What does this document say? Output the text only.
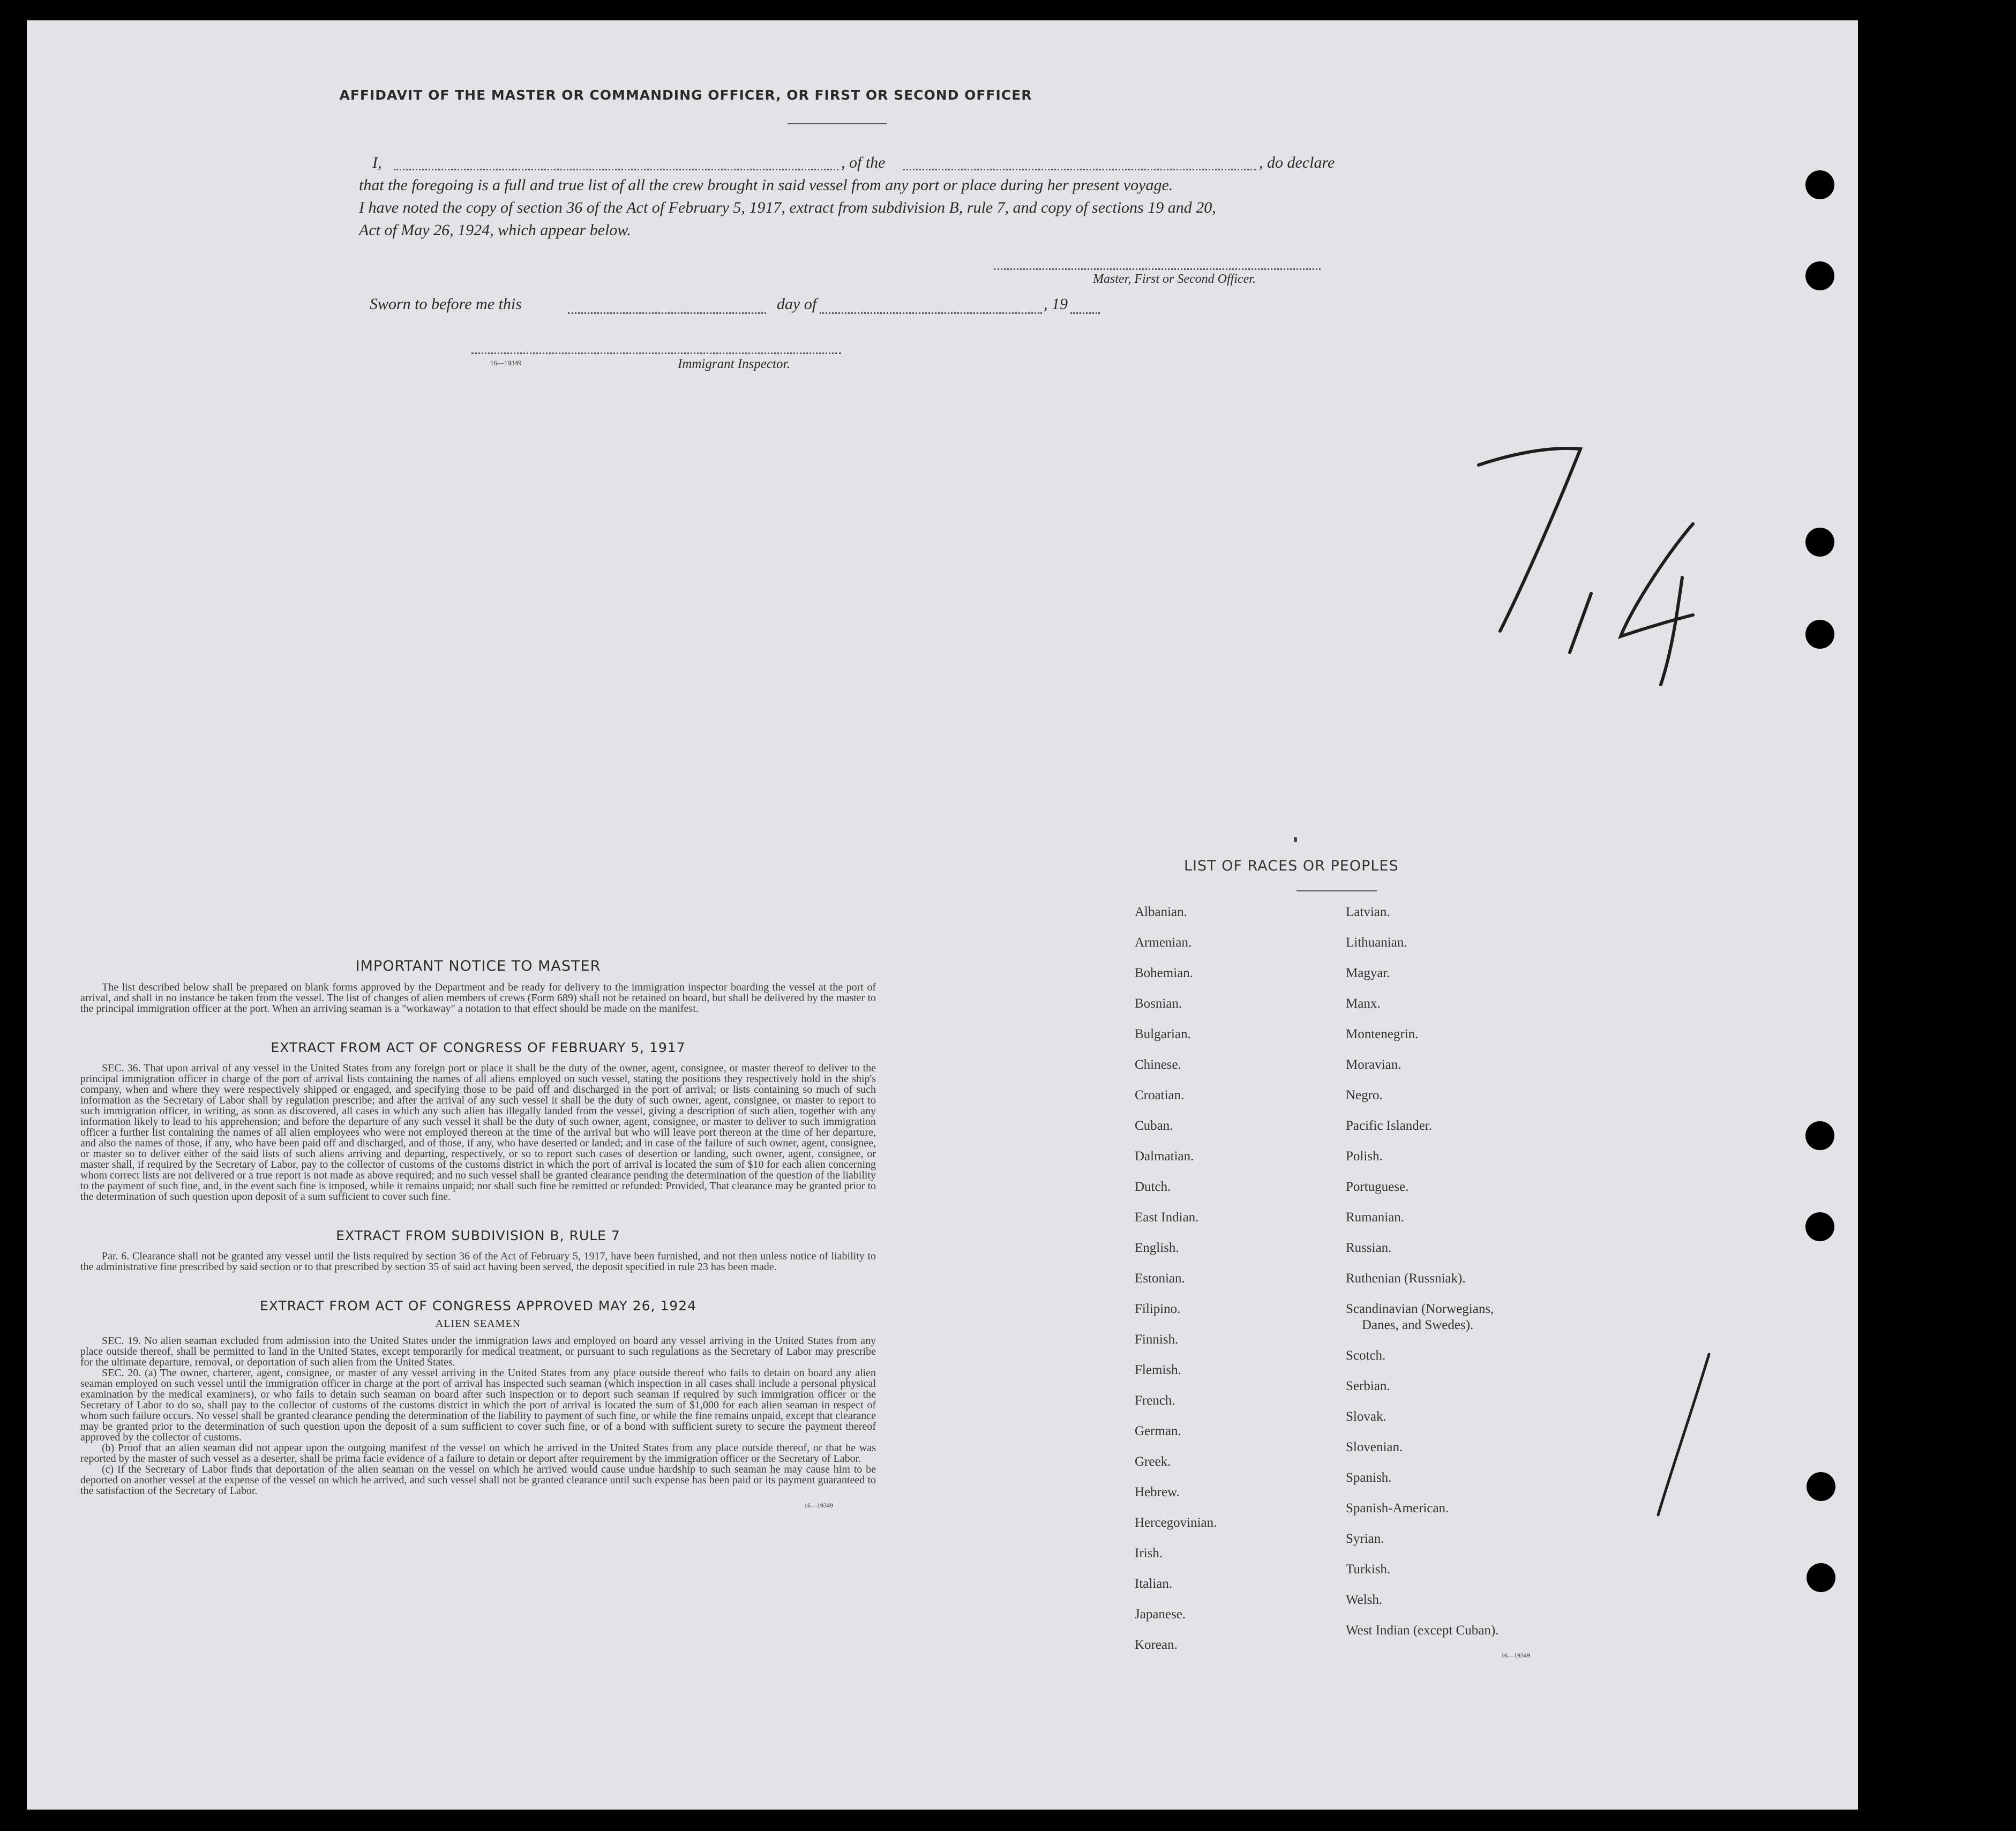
AFFIDAVIT OF THE MASTER OR COMMANDING OFFICER, OR FIRST OR SECOND OFFICER
I,	, of the	, do declare
that the foregoing is a full and true list of all the crew brought in said vessel from any port or place during her present voyage.
I have noted the copy of section 36 of the Act of February 5, 1917, extract from subdivision B, rule 7, and copy of sections 19 and 20,
Act of May 26, 1924, which appear below.
Master, First or Second Officer.
Sworn to before me this	day of	, 19
16—19349	Immigrant Inspector.
LIST OF RACES OR PEOPLES
Albanian.
Armenian.
Bohemian.
Bosnian.
Bulgarian.
Chinese.
Croatian.
Cuban.
Dalmatian.
Dutch.
East Indian.
English.
Estonian.
Filipino.
Finnish.
Flemish.
French.
German.
Greek.
Hebrew.
Hercegovinian.
Irish.
Italian.
Japanese.
Korean.
Latvian.
Lithuanian.
Magyar.
Manx.
Montenegrin.
Moravian.
Negro.
Pacific Islander.
Polish.
Portuguese.
Rumanian.
Russian.
Ruthenian (Russniak).
Scandinavian (Norwegians,
Danes, and Swedes).
Scotch.
Serbian.
Slovak.
Slovenian.
Spanish.
Spanish-American.
Syrian.
Turkish.
Welsh.
West Indian (except Cuban).
16—19349
IMPORTANT NOTICE TO MASTER
The list described below shall be prepared on blank forms approved by the Department and be ready for delivery to the immigration inspector boarding the vessel at the port of arrival, and shall in no instance be taken from the vessel. The list of changes of alien members of crews (Form 689) shall not be retained on board, but shall be delivered by the master to the principal immigration officer at the port. When an arriving seaman is a "workaway" a notation to that effect should be made on the manifest.
EXTRACT FROM ACT OF CONGRESS OF FEBRUARY 5, 1917
SEC. 36. That upon arrival of any vessel in the United States from any foreign port or place it shall be the duty of the owner, agent, consignee, or master thereof to deliver to the principal immigration officer in charge of the port of arrival lists containing the names of all aliens employed on such vessel, stating the positions they respectively hold in the ship's company, when and where they were respectively shipped or engaged, and specifying those to be paid off and discharged in the port of arrival; or lists containing so much of such information as the Secretary of Labor shall by regulation prescribe; and after the arrival of any such vessel it shall be the duty of such owner, agent, consignee, or master to report to such immigration officer, in writing, as soon as discovered, all cases in which any such alien has illegally landed from the vessel, giving a description of such alien, together with any information likely to lead to his apprehension; and before the departure of any such vessel it shall be the duty of such owner, agent, consignee, or master to deliver to such immigration officer a further list containing the names of all alien employees who were not employed thereon at the time of the arrival but who will leave port thereon at the time of her departure, and also the names of those, if any, who have been paid off and discharged, and of those, if any, who have deserted or landed; and in case of the failure of such owner, agent, consignee, or master so to deliver either of the said lists of such aliens arriving and departing, respectively, or so to report such cases of desertion or landing, such owner, agent, consignee, or master shall, if required by the Secretary of Labor, pay to the collector of customs of the customs district in which the port of arrival is located the sum of $10 for each alien concerning whom correct lists are not delivered or a true report is not made as above required; and no such vessel shall be granted clearance pending the determination of the question of the liability to the payment of such fine, and, in the event such fine is imposed, while it remains unpaid; nor shall such fine be remitted or refunded: Provided, That clearance may be granted prior to the determination of such question upon deposit of a sum sufficient to cover such fine.
EXTRACT FROM SUBDIVISION B, RULE 7
Par. 6. Clearance shall not be granted any vessel until the lists required by section 36 of the Act of February 5, 1917, have been furnished, and not then unless notice of liability to the administrative fine prescribed by said section or to that prescribed by section 35 of said act having been served, the deposit specified in rule 23 has been made.
EXTRACT FROM ACT OF CONGRESS APPROVED MAY 26, 1924
ALIEN SEAMEN
SEC. 19. No alien seaman excluded from admission into the United States under the immigration laws and employed on board any vessel arriving in the United States from any place outside thereof, shall be permitted to land in the United States, except temporarily for medical treatment, or pursuant to such regulations as the Secretary of Labor may prescribe for the ultimate departure, removal, or deportation of such alien from the United States.
SEC. 20. (a) The owner, charterer, agent, consignee, or master of any vessel arriving in the United States from any place outside thereof who fails to detain on board any alien seaman employed on such vessel until the immigration officer in charge at the port of arrival has inspected such seaman (which inspection in all cases shall include a personal physical examination by the medical examiners), or who fails to detain such seaman on board after such inspection or to deport such seaman if required by such immigration officer or the Secretary of Labor to do so, shall pay to the collector of customs of the customs district in which the port of arrival is located the sum of $1,000 for each alien seaman in respect of whom such failure occurs. No vessel shall be granted clearance pending the determination of the liability to payment of such fine, or while the fine remains unpaid, except that clearance may be granted prior to the determination of such question upon the deposit of a sum sufficient to cover such fine, or of a bond with sufficient surety to secure the payment thereof approved by the collector of customs.
(b) Proof that an alien seaman did not appear upon the outgoing manifest of the vessel on which he arrived in the United States from any place outside thereof, or that he was reported by the master of such vessel as a deserter, shall be prima facie evidence of a failure to detain or deport after requirement by the immigration officer or the Secretary of Labor.
(c) If the Secretary of Labor finds that deportation of the alien seaman on the vessel on which he arrived would cause undue hardship to such seaman he may cause him to be deported on another vessel at the expense of the vessel on which he arrived, and such vessel shall not be granted clearance until such expense has been paid or its payment guaranteed to the satisfaction of the Secretary of Labor.
16—19349
